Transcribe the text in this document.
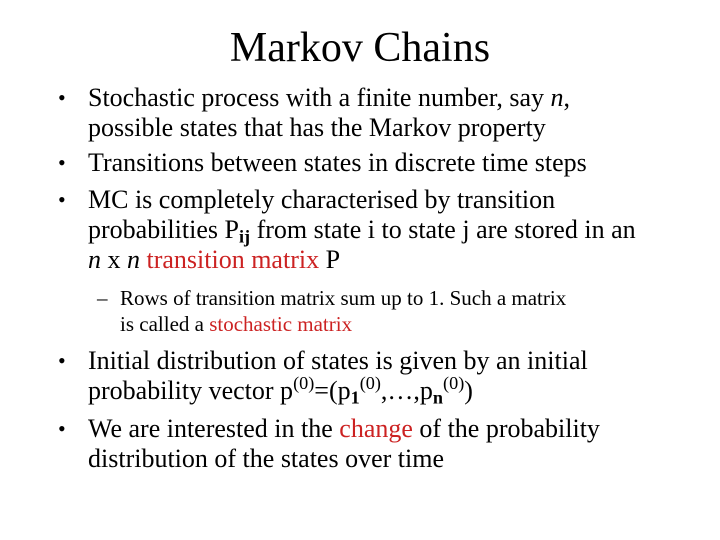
Markov Chains
• Stochastic process with a finite number, say n,
possible states that has the Markov property
• Transitions between states in discrete time steps
• MC is completely characterised by transition
probabilities $P_{ij}$ from state i to state j are stored in an
n x n transition matrix P
– Rows of transition matrix sum up to 1. Such a matrix
is called a stochastic matrix
• Initial distribution of states is given by an initial
probability vector $p^{(0)}=(p_1^{(0)},\dots,p_n^{(0)})$
• We are interested in the change of the probability
distribution of the states over time
